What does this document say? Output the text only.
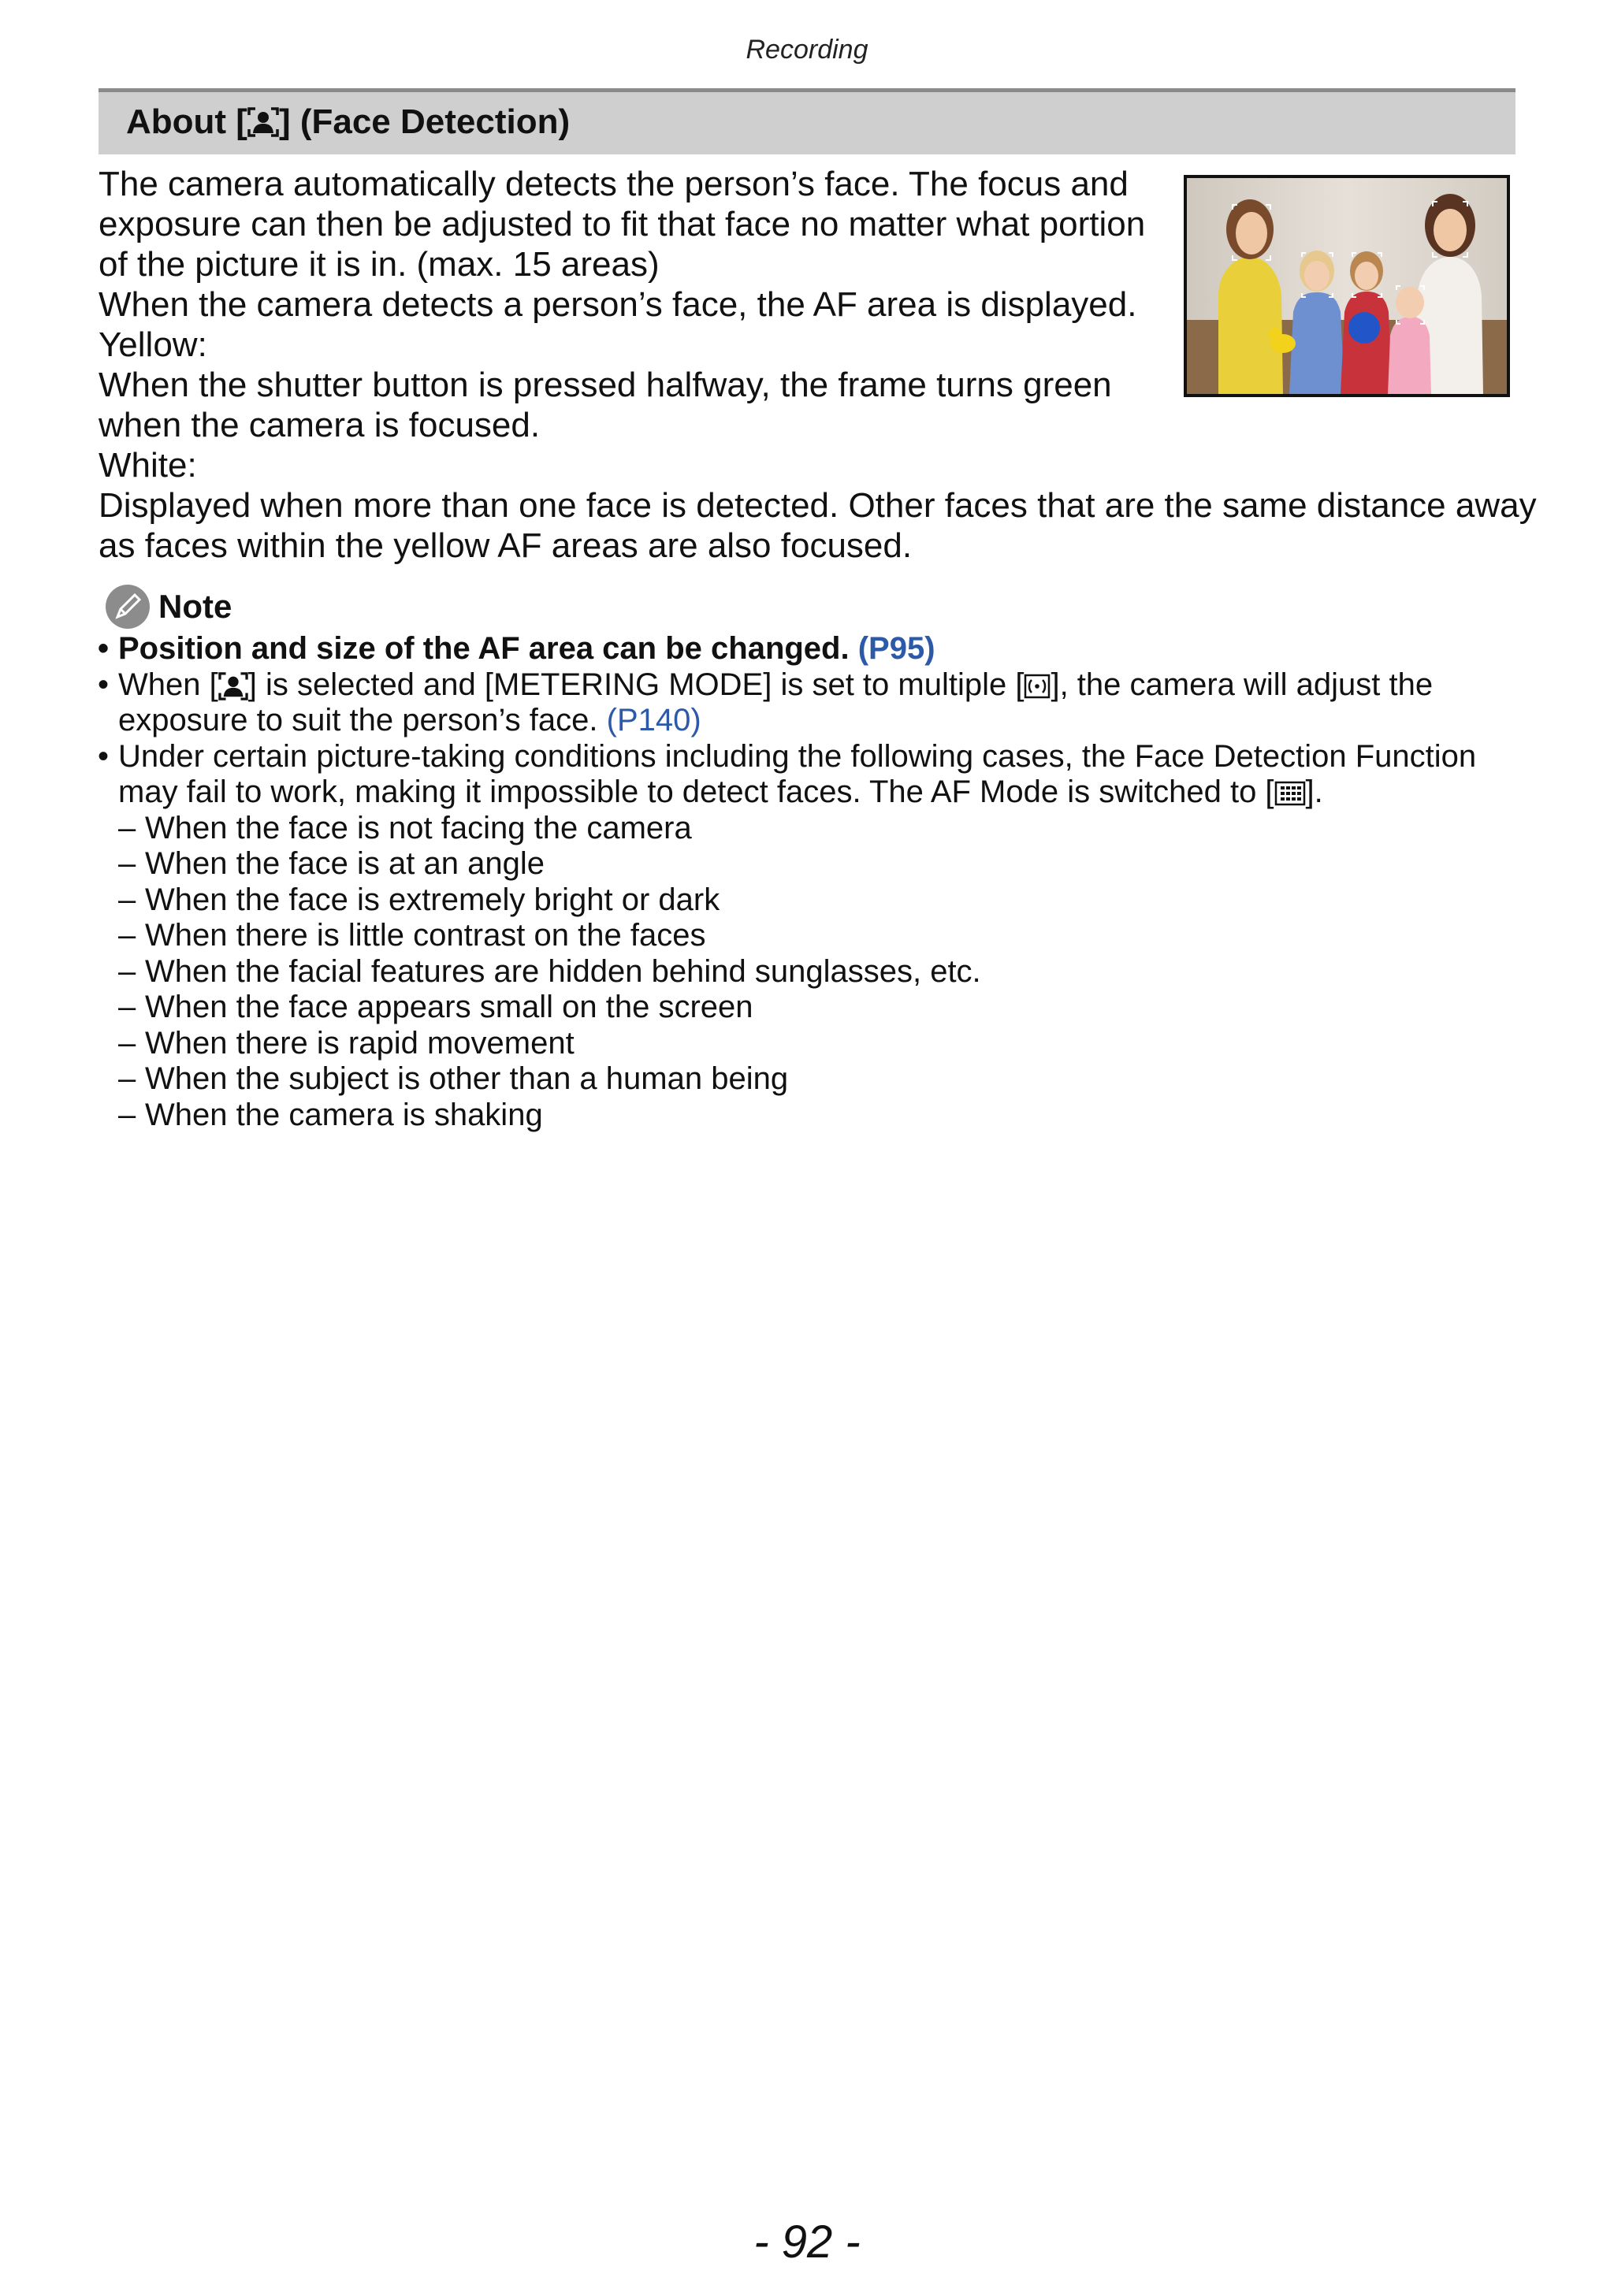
Recording
About [ ] (Face Detection)

The camera automatically detects the person’s face. The focus and exposure can then be adjusted to fit that face no matter what portion of the picture it is in. (max. 15 areas)

When the camera detects a person’s face, the AF area is displayed.

Yellow:

When the shutter button is pressed halfway, the frame turns green when the camera is focused.

White:

Displayed when more than one face is detected. Other faces that are the same distance away as faces within the yellow AF areas are also focused.

Note
• Position and size of the AF area can be changed. (P95)
• When [ ] is selected and [METERING MODE] is set to multiple [ ], the camera will adjust the exposure to suit the person’s face. (P140)
• Under certain picture-taking conditions including the following cases, the Face Detection Function may fail to work, making it impossible to detect faces. The AF Mode is switched to [ ].
– When the face is not facing the camera
– When the face is at an angle
– When the face is extremely bright or dark
– When there is little contrast on the faces
– When the facial features are hidden behind sunglasses, etc.
– When the face appears small on the screen
– When there is rapid movement
– When the subject is other than a human being
– When the camera is shaking
- 92 -
